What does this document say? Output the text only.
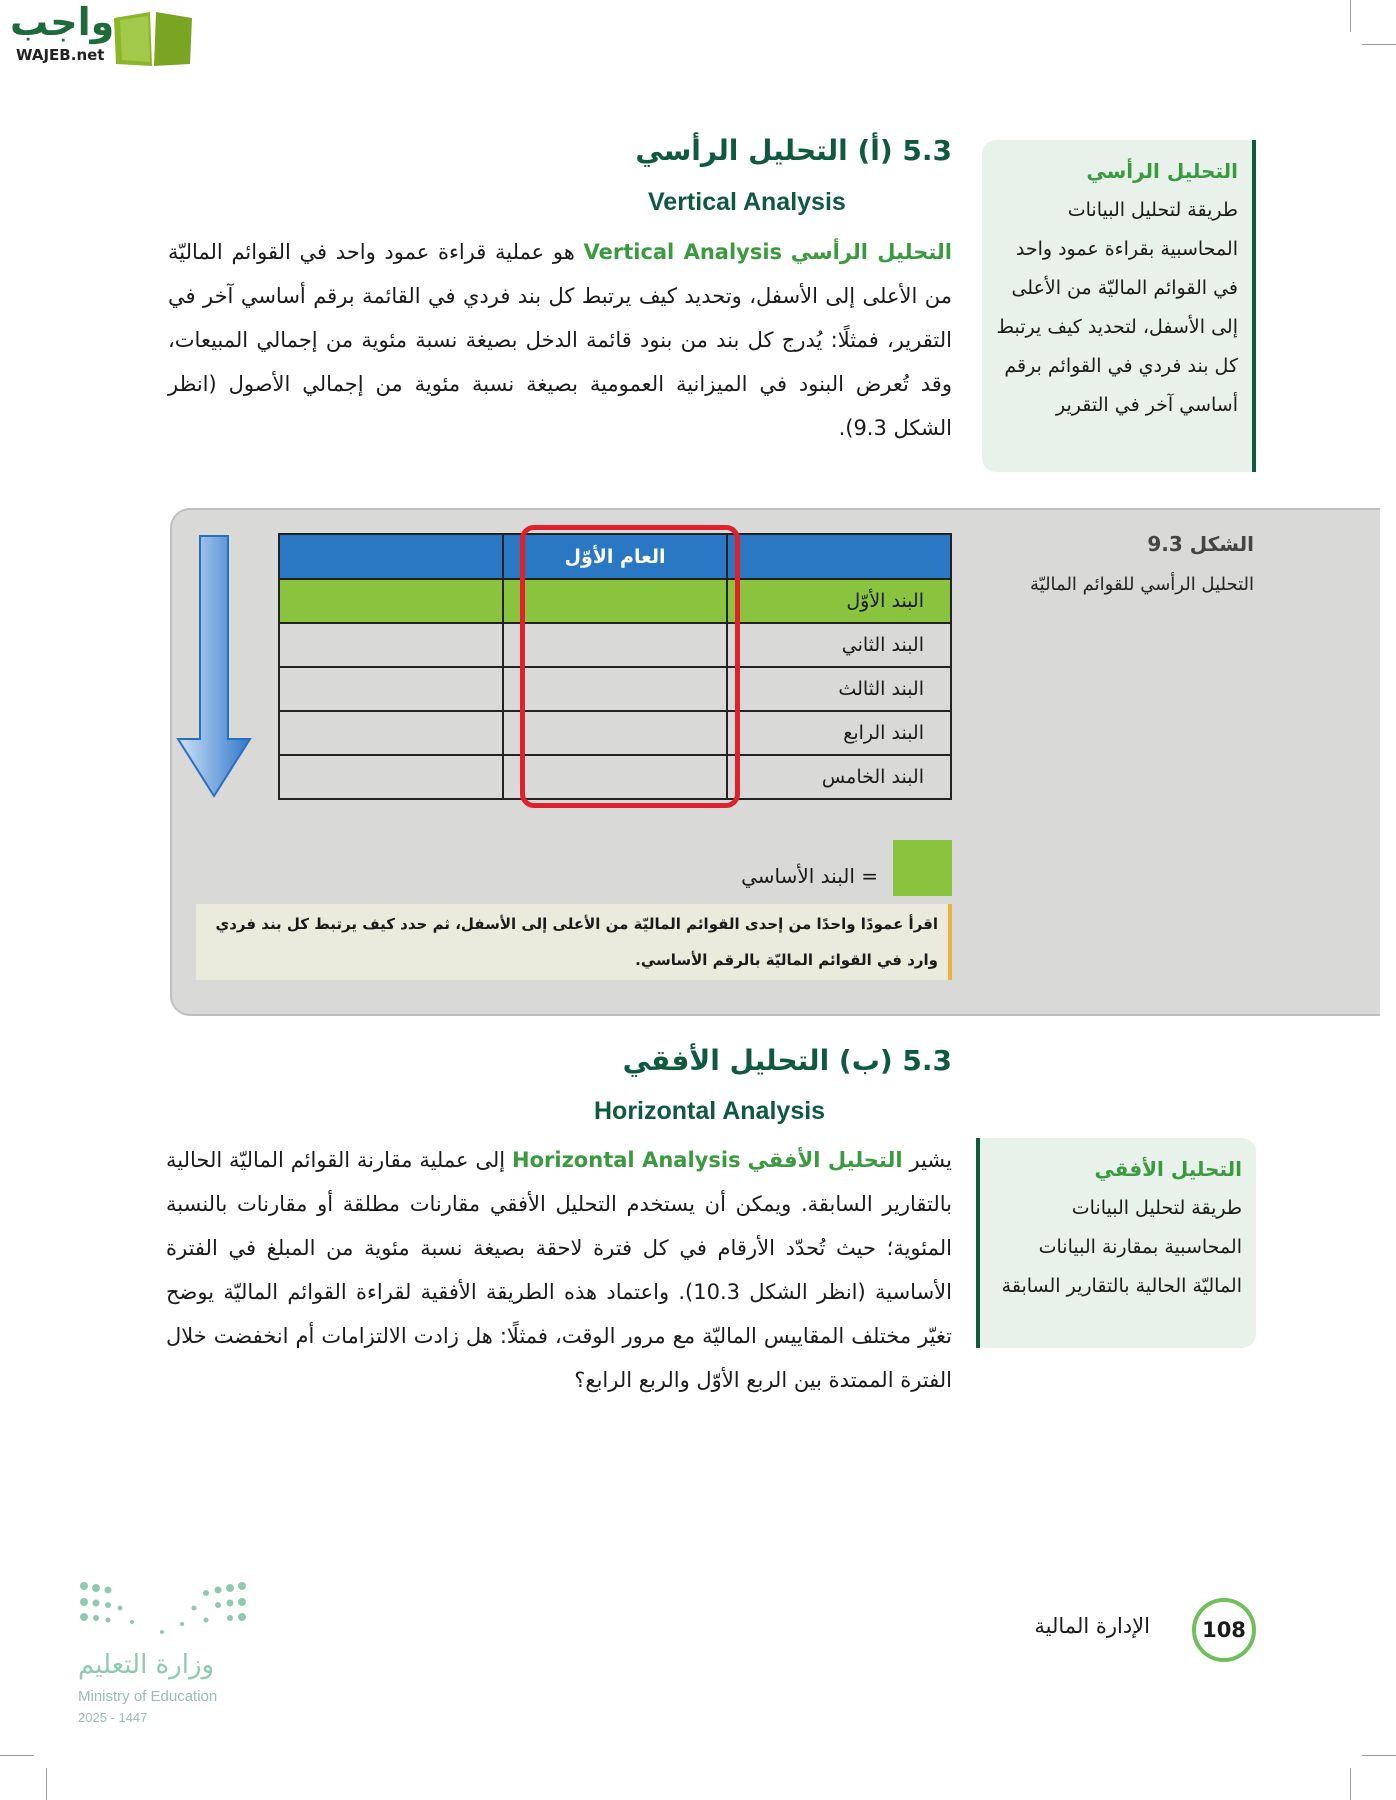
واجب
WAJEB.net
5.3 (أ) التحليل الرأسي
Vertical Analysis
التحليل الرأسي Vertical Analysis هو عملية قراءة عمود واحد في القوائم الماليّة من الأعلى إلى الأسفل، وتحديد كيف يرتبط كل بند فردي في القائمة برقم أساسي آخر في التقرير، فمثلًا: يُدرج كل بند من بنود قائمة الدخل بصيغة نسبة مئوية من إجمالي المبيعات، وقد تُعرض البنود في الميزانية العمومية بصيغة نسبة مئوية من إجمالي الأصول (انظر الشكل 9.3).
التحليل الرأسي
طريقة لتحليل البيانات المحاسبية بقراءة عمود واحد في القوائم الماليّة من الأعلى إلى الأسفل، لتحديد كيف يرتبط كل بند فردي في القوائم برقم أساسي آخر في التقرير
	العام الأوّل	
البند الأوّل		
البند الثاني		
البند الثالث		
البند الرابع		
البند الخامس		
الشكل 9.3
التحليل الرأسي للقوائم الماليّة
= البند الأساسي
اقرأ عمودًا واحدًا من إحدى القوائم الماليّة من الأعلى إلى الأسفل، ثم حدد كيف يرتبط كل بند فردي وارد في القوائم الماليّة بالرقم الأساسي.
5.3 (ب) التحليل الأفقي
Horizontal Analysis
يشير التحليل الأفقي Horizontal Analysis إلى عملية مقارنة القوائم الماليّة الحالية بالتقارير السابقة. ويمكن أن يستخدم التحليل الأفقي مقارنات مطلقة أو مقارنات بالنسبة المئوية؛ حيث تُحدّد الأرقام في كل فترة لاحقة بصيغة نسبة مئوية من المبلغ في الفترة الأساسية (انظر الشكل 10.3). واعتماد هذه الطريقة الأفقية لقراءة القوائم الماليّة يوضح تغيّر مختلف المقاييس الماليّة مع مرور الوقت، فمثلًا: هل زادت الالتزامات أم انخفضت خلال الفترة الممتدة بين الربع الأوّل والربع الرابع؟
التحليل الأفقي
طريقة لتحليل البيانات المحاسبية بمقارنة البيانات الماليّة الحالية بالتقارير السابقة
108
الإدارة المالية
وزارة التعليم
Ministry of Education
2025 - 1447
